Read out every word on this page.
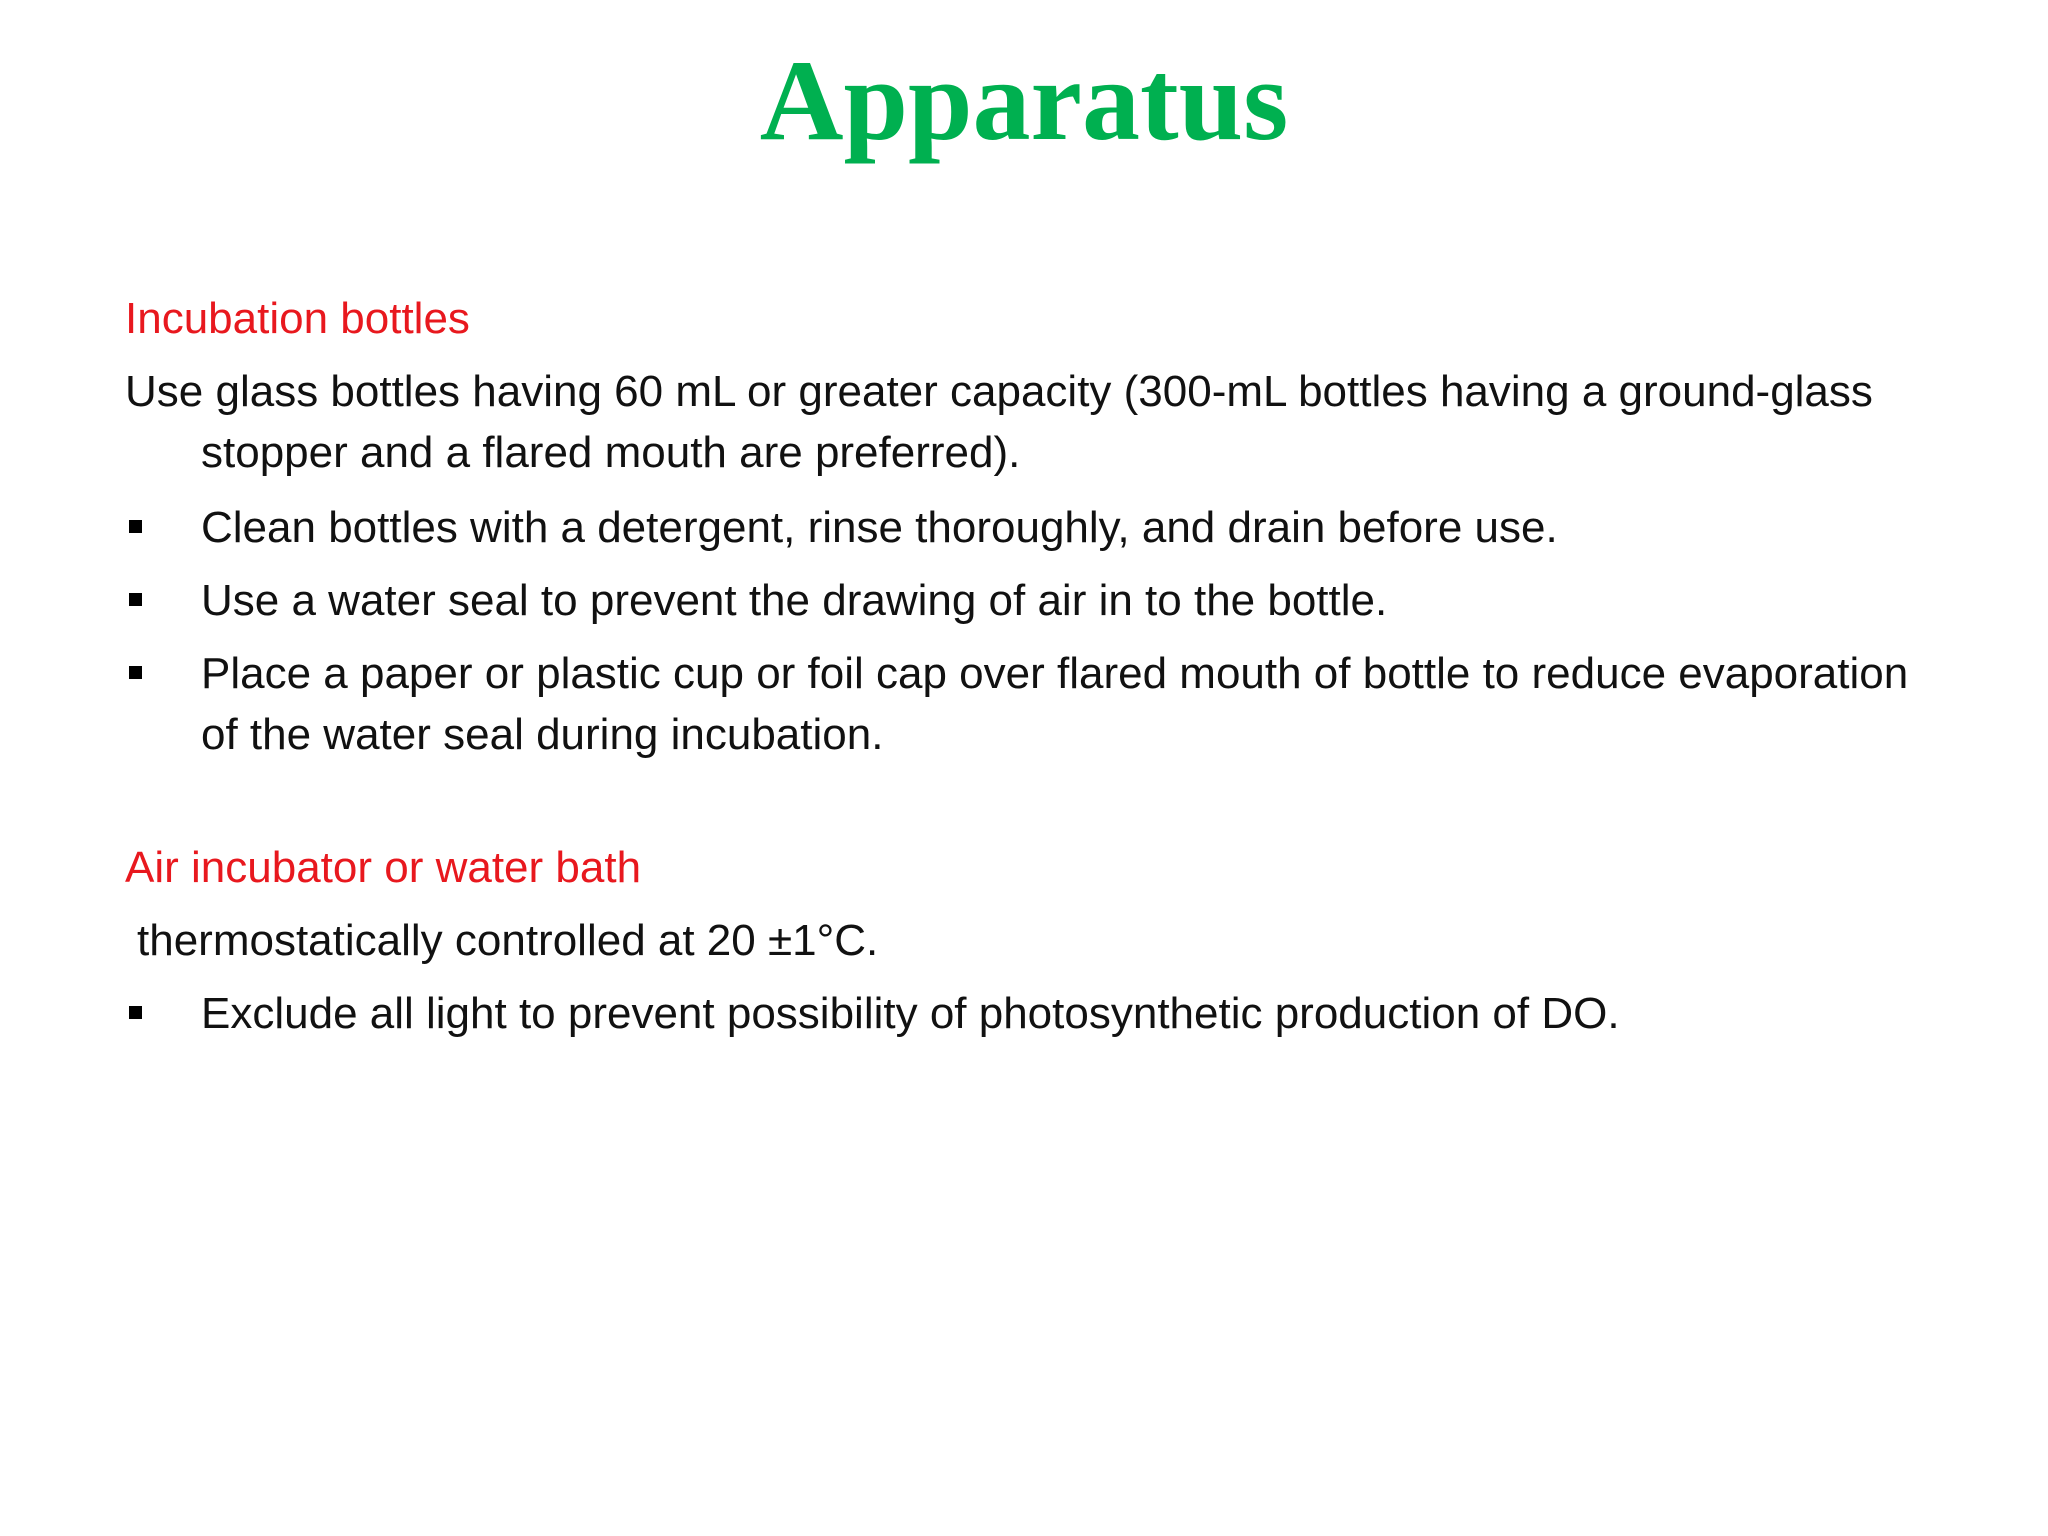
Apparatus
Incubation bottles
Use glass bottles having 60 mL or greater capacity (300-mL bottles having a ground-glass stopper and a flared mouth are preferred).
Clean bottles with a detergent, rinse thoroughly, and drain before use.
Use a water seal to prevent the drawing of air in to the bottle.
Place a paper or plastic cup or foil cap over flared mouth of bottle to reduce evaporation of the water seal during incubation.
Air incubator or water bath
thermostatically controlled at 20 ±1°C.
Exclude all light to prevent possibility of photosynthetic production of DO.
